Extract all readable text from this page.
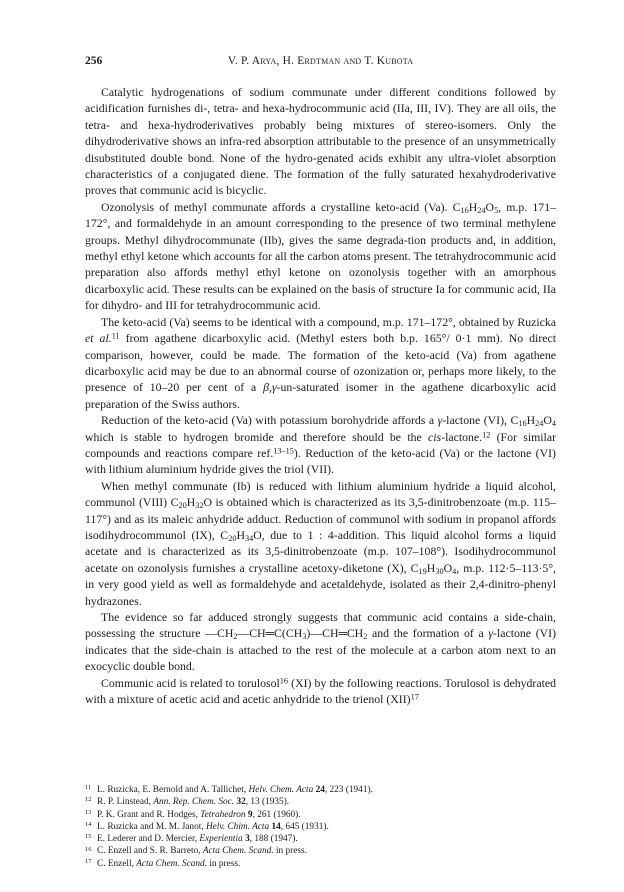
256	V. P. Arya, H. Erdtman and T. Kubota

Catalytic hydrogenations of sodium communate under different conditions followed by acidification furnishes di-, tetra- and hexa-hydrocommunic acid (IIa, III, IV). They are all oils, the tetra- and hexa-hydroderivatives probably being mixtures of stereo-isomers. Only the dihydroderivative shows an infra-red absorption attributable to the presence of an unsymmetrically disubstituted double bond. None of the hydro-genated acids exhibit any ultra-violet absorption characteristics of a conjugated diene. The formation of the fully saturated hexahydroderivative proves that communic acid is bicyclic.

Ozonolysis of methyl communate affords a crystalline keto-acid (Va). $C_{16}H_{24}O_5$, m.p. 171–172°, and formaldehyde in an amount corresponding to the presence of two terminal methylene groups. Methyl dihydrocommunate (IIb), gives the same degrada-tion products and, in addition, methyl ethyl ketone which accounts for all the carbon atoms present. The tetrahydrocommunic acid preparation also affords methyl ethyl ketone on ozonolysis together with an amorphous dicarboxylic acid. These results can be explained on the basis of structure Ia for communic acid, IIa for dihydro- and III for tetrahydrocommunic acid.

The keto-acid (Va) seems to be identical with a compound, m.p. 171–172°, obtained by Ruzicka et al.$^{11}$ from agathene dicarboxylic acid. (Methyl esters both b.p. 165°/ 0·1 mm). No direct comparison, however, could be made. The formation of the keto-acid (Va) from agathene dicarboxylic acid may be due to an abnormal course of ozonization or, perhaps more likely, to the presence of 10–20 per cent of a β,γ-un-saturated isomer in the agathene dicarboxylic acid preparation of the Swiss authors.

Reduction of the keto-acid (Va) with potassium borohydride affords a γ-lactone (VI), $C_{16}H_{24}O_4$ which is stable to hydrogen bromide and therefore should be the cis-lactone.$^{12}$ (For similar compounds and reactions compare ref.$^{13-15}$). Reduction of the keto-acid (Va) or the lactone (VI) with lithium aluminium hydride gives the triol (VII).

When methyl communate (Ib) is reduced with lithium aluminium hydride a liquid alcohol, communol (VIII) $C_{20}H_{32}O$ is obtained which is characterized as its 3,5-dinitrobenzoate (m.p. 115–117°) and as its maleic anhydride adduct. Reduction of communol with sodium in propanol affords isodihydrocommunol (IX), $C_{20}H_{34}O$, due to 1 : 4-addition. This liquid alcohol forms a liquid acetate and is characterized as its 3,5-dinitrobenzoate (m.p. 107–108°). Isodihydrocommunol acetate on ozonolysis furnishes a crystalline acetoxy-diketone (X), $C_{19}H_{30}O_4$, m.p. 112·5–113·5°, in very good yield as well as formaldehyde and acetaldehyde, isolated as their 2,4-dinitro-phenyl hydrazones.

The evidence so far adduced strongly suggests that communic acid contains a side-chain, possessing the structure $—CH_2—CH═C(CH_3)—CH═CH_2$ and the formation of a γ-lactone (VI) indicates that the side-chain is attached to the rest of the molecule at a carbon atom next to an exocyclic double bond.

Communic acid is related to torulosol$^{16}$ (XI) by the following reactions. Torulosol is dehydrated with a mixture of acetic acid and acetic anhydride to the trienol (XII)$^{17}$

$^{11}$ L. Ruzicka, E. Bernold and A. Tallichet, Helv. Chem. Acta 24, 223 (1941).
$^{12}$ R. P. Linstead, Ann. Rep. Chem. Soc. 32, 13 (1935).
$^{13}$ P. K. Grant and R. Hodges, Tetrahedron 9, 261 (1960).
$^{14}$ L. Ruzicka and M. M. Janot, Helv. Chim. Acta 14, 645 (1931).
$^{15}$ E. Lederer and D. Mercier, Experientia 3, 188 (1947).
$^{16}$ C. Enzell and S. R. Barreto, Acta Chem. Scand. in press.
$^{17}$ C. Enzell, Acta Chem. Scand. in press.
